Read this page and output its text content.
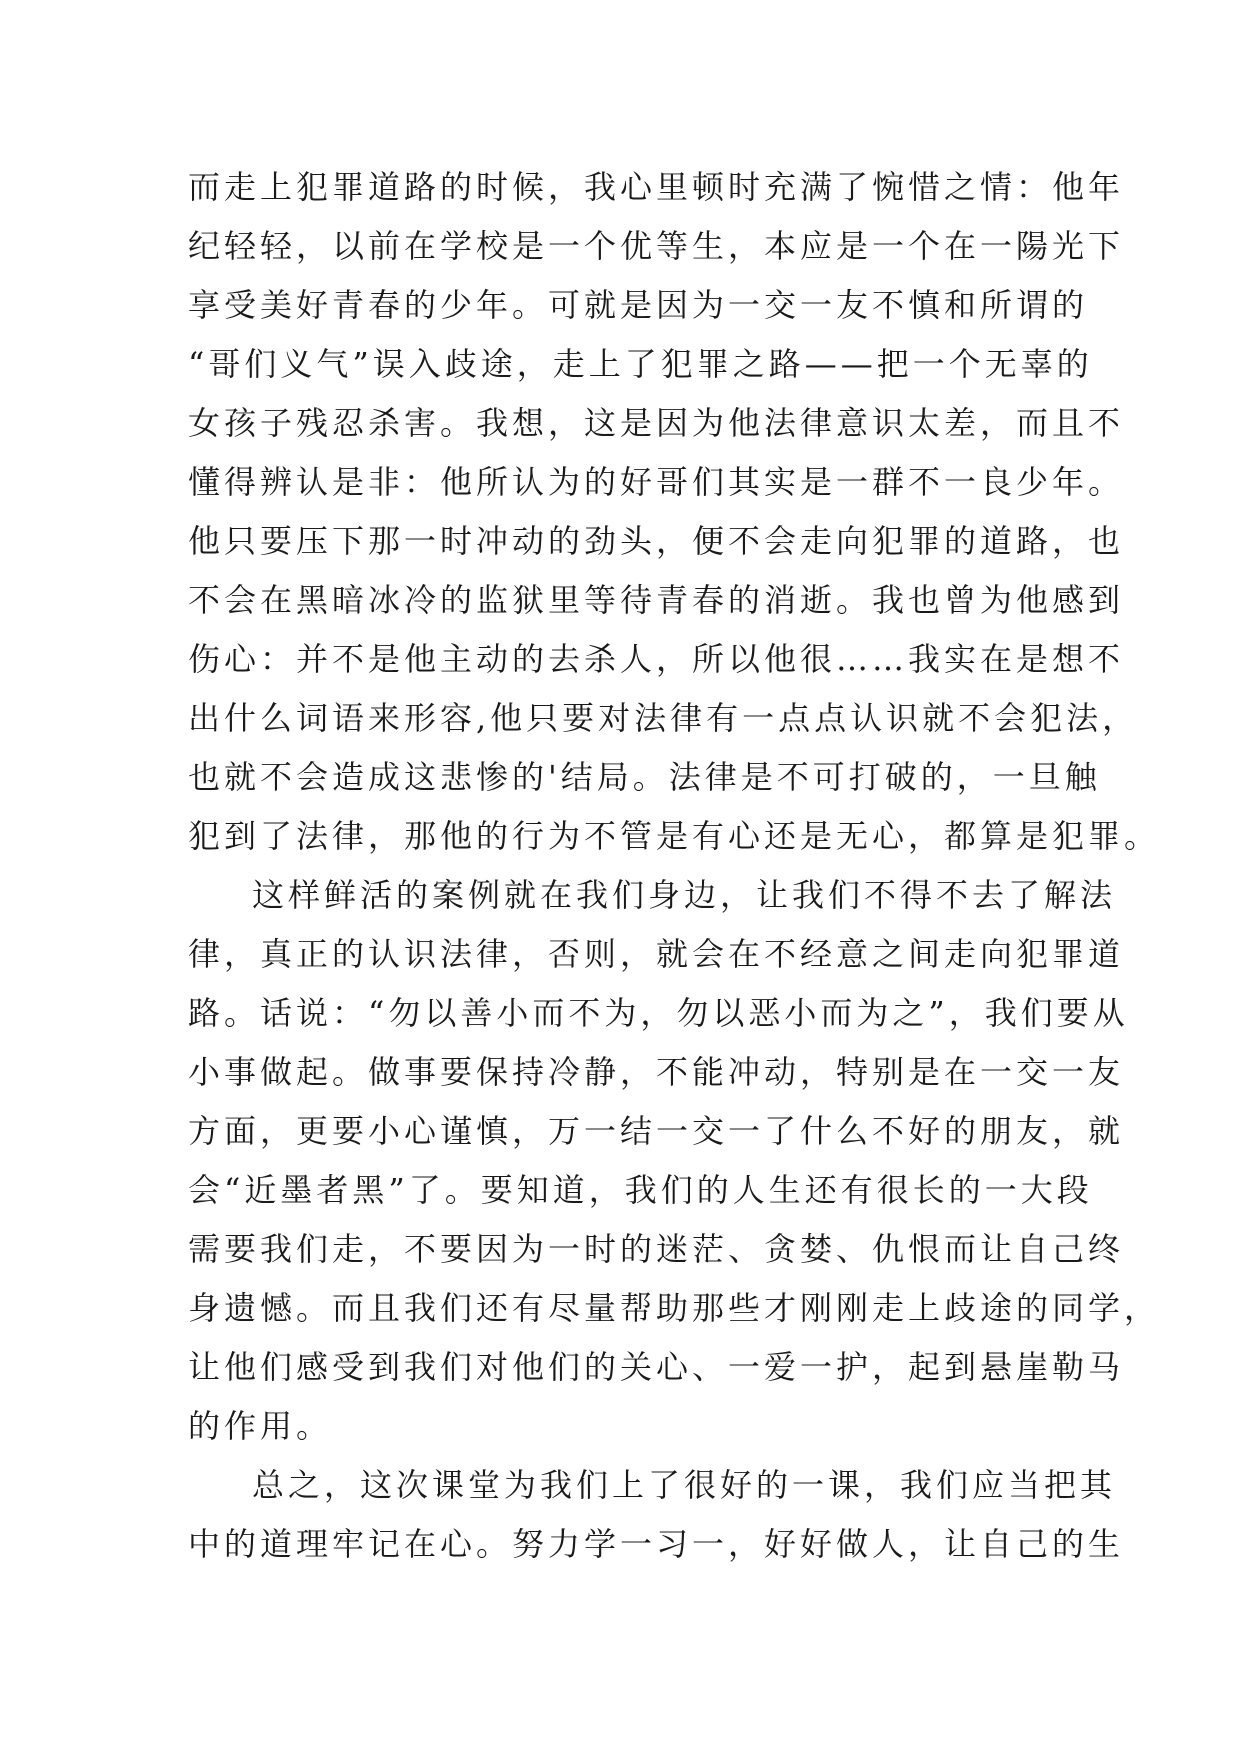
而走上犯罪道路的时候，我心里顿时充满了惋惜之情：他年
纪轻轻，以前在学校是一个优等生，本应是一个在一陽光下
享受美好青春的少年。可就是因为一交一友不慎和所谓的
“哥们义气”误入歧途，走上了犯罪之路——把一个无辜的
女孩子残忍杀害。我想，这是因为他法律意识太差，而且不
懂得辨认是非：他所认为的好哥们其实是一群不一良少年。
他只要压下那一时冲动的劲头，便不会走向犯罪的道路，也
不会在黑暗冰冷的监狱里等待青春的消逝。我也曾为他感到
伤心：并不是他主动的去杀人，所以他很……我实在是想不
出什么词语来形容,他只要对法律有一点点认识就不会犯法，
也就不会造成这悲惨的'结局。法律是不可打破的，一旦触
犯到了法律，那他的行为不管是有心还是无心，都算是犯罪。
这样鲜活的案例就在我们身边，让我们不得不去了解法
律，真正的认识法律，否则，就会在不经意之间走向犯罪道
路。话说：“勿以善小而不为，勿以恶小而为之”，我们要从
小事做起。做事要保持冷静，不能冲动，特别是在一交一友
方面，更要小心谨慎，万一结一交一了什么不好的朋友，就
会“近墨者黑”了。要知道，我们的人生还有很长的一大段
需要我们走，不要因为一时的迷茫、贪婪、仇恨而让自己终
身遗憾。而且我们还有尽量帮助那些才刚刚走上歧途的同学，
让他们感受到我们对他们的关心、一爱一护，起到悬崖勒马
的作用。
总之，这次课堂为我们上了很好的一课，我们应当把其
中的道理牢记在心。努力学一习一，好好做人，让自己的生
